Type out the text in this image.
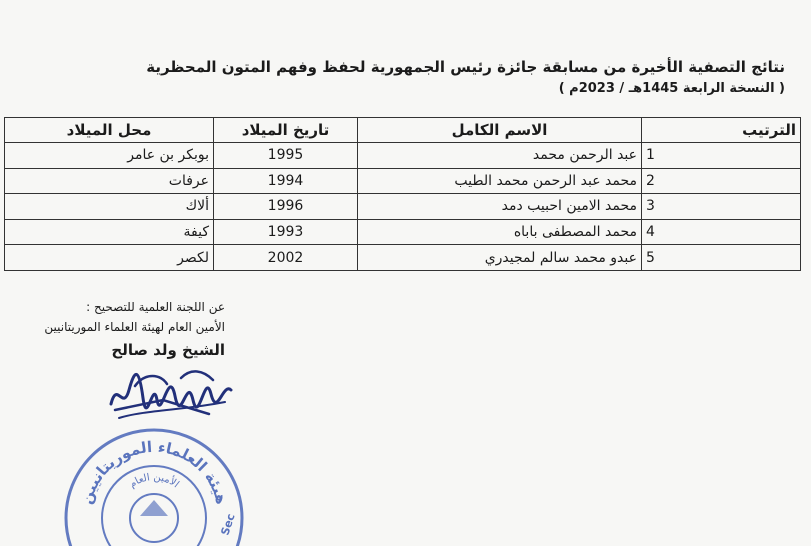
نتائج التصفية الأخيرة من مسابقة جائزة رئيس الجمهورية لحفظ وفهم المتون المحظرية
( النسخة الرابعة 1445هـ / 2023م )
الترتيب	الاسم الكامل	تاريخ الميلاد	محل الميلاد
1	عبد الرحمن محمد	1995	بوبكر بن عامر
2	محمد عبد الرحمن محمد الطيب	1994	عرفات
3	محمد الامين احبيب دمد	1996	ألاك
4	محمد المصطفى باباه	1993	كيفة
5	عبدو محمد سالم لمجيدري	2002	لكصر
عن اللجنة العلمية للتصحيح :
الأمين العام لهيئة العلماء الموريتانيين
الشيخ ولد صالح
هيئة العلماء الموريتانيين
الأمين العام
Sec
